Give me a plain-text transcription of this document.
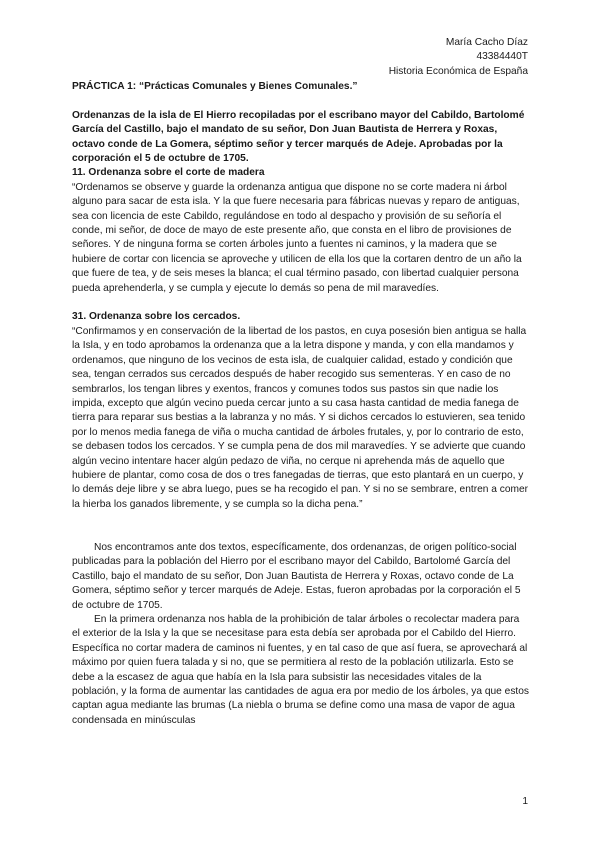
María Cacho Díaz
43384440T
Historia Económica de España

PRÁCTICA 1: “Prácticas Comunales y Bienes Comunales.”

Ordenanzas de la isla de El Hierro recopiladas por el escribano mayor del Cabildo, Bartolomé García del Castillo, bajo el mandato de su señor, Don Juan Bautista de Herrera y Roxas, octavo conde de La Gomera, séptimo señor y tercer marqués de Adeje. Aprobadas por la corporación el 5 de octubre de 1705.

11. Ordenanza sobre el corte de madera

“Ordenamos se observe y guarde la ordenanza antigua que dispone no se corte madera ni árbol alguno para sacar de esta isla. Y la que fuere necesaria para fábricas nuevas y reparo de antiguas, sea con licencia de este Cabildo, regulándose en todo al despacho y provisión de su señoría el conde, mi señor, de doce de mayo de este presente año, que consta en el libro de provisiones de señores. Y de ninguna forma se corten árboles junto a fuentes ni caminos, y la madera que se hubiere de cortar con licencia se aproveche y utilicen de ella los que la cortaren dentro de un año la que fuere de tea, y de seis meses la blanca; el cual término pasado, con libertad cualquier persona pueda aprehenderla, y se cumpla y ejecute lo demás so pena de mil maravedíes.

31. Ordenanza sobre los cercados.

“Confirmamos y en conservación de la libertad de los pastos, en cuya posesión bien antigua se halla la Isla, y en todo aprobamos la ordenanza que a la letra dispone y manda, y con ella mandamos y ordenamos, que ninguno de los vecinos de esta isla, de cualquier calidad, estado y condición que sea, tengan cerrados sus cercados después de haber recogido sus sementeras. Y en caso de no sembrarlos, los tengan libres y exentos, francos y comunes todos sus pastos sin que nadie los impida, excepto que algún vecino pueda cercar junto a su casa hasta cantidad de media fanega de tierra para reparar sus bestias a la labranza y no más. Y si dichos cercados lo estuvieren, sea tenido por lo menos media fanega de viña o mucha cantidad de árboles frutales, y, por lo contrario de esto, se debasen todos los cercados. Y se cumpla pena de dos mil maravedíes. Y se advierte que cuando algún vecino intentare hacer algún pedazo de viña, no cerque ni aprehenda más de aquello que hubiere de plantar, como cosa de dos o tres fanegadas de tierras, que esto plantará en un cuerpo, y lo demás deje libre y se abra luego, pues se ha recogido el pan. Y si no se sembrare, entren a comer la hierba los ganados libremente, y se cumpla so la dicha pena.”

Nos encontramos ante dos textos, específicamente, dos ordenanzas, de origen político-social publicadas para la población del Hierro por el escribano mayor del Cabildo, Bartolomé García del Castillo, bajo el mandato de su señor, Don Juan Bautista de Herrera y Roxas, octavo conde de La Gomera, séptimo señor y tercer marqués de Adeje. Estas, fueron aprobadas por la corporación el 5 de octubre de 1705.

En la primera ordenanza nos habla de la prohibición de talar árboles o recolectar madera para el exterior de la Isla y la que se necesitase para esta debía ser aprobada por el Cabildo del Hierro. Específica no cortar madera de caminos ni fuentes, y en tal caso de que así fuera, se aprovechará al máximo por quien fuera talada y si no, que se permitiera al resto de la población utilizarla. Esto se debe a la escasez de agua que había en la Isla para subsistir las necesidades vitales de la población, y la forma de aumentar las cantidades de agua era por medio de los árboles, ya que estos captan agua mediante las brumas (La niebla o bruma se define como una masa de vapor de agua condensada en minúsculas

1
